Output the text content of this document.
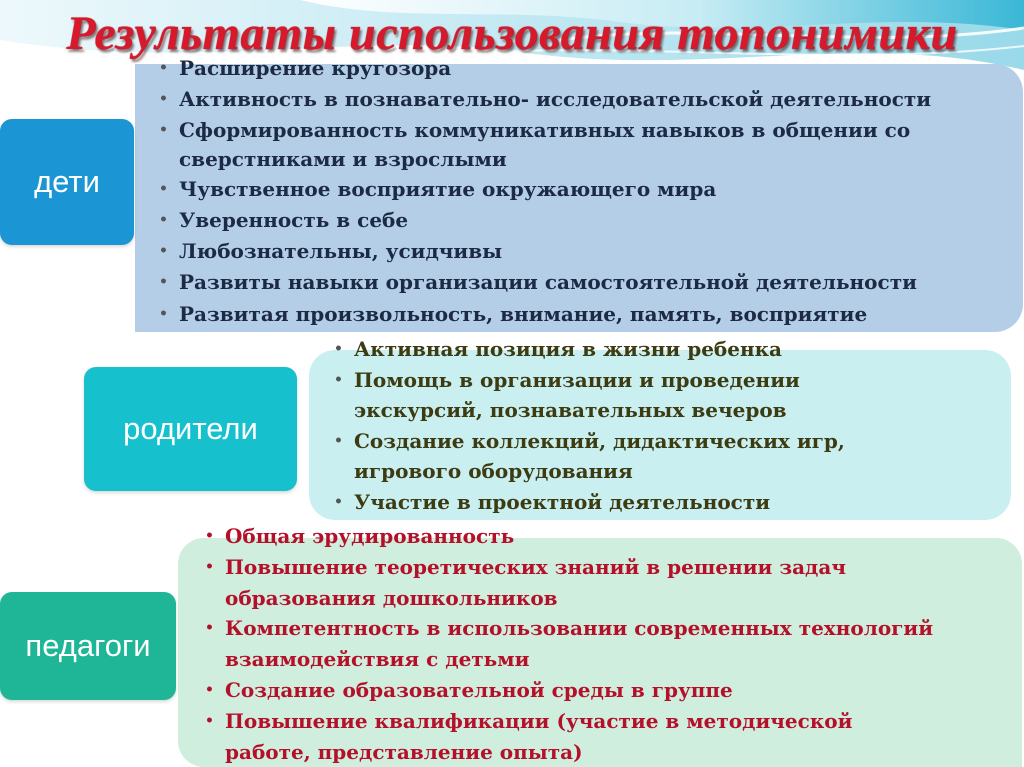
• Расширение кругозора
• Активность в познавательно- исследовательской деятельности
• Сформированность коммуникативных навыков в общении со сверстниками и взрослыми
• Чувственное восприятие окружающего мира
• Уверенность в себе
• Любознательны, усидчивы
• Развиты навыки организации самостоятельной деятельности
• Развитая произвольность, внимание, память, восприятие
• Активная позиция в жизни ребенка
• Помощь в организации и проведении экскурсий, познавательных вечеров
• Создание коллекций, дидактических игр, игрового оборудования
• Участие в проектной деятельности
• Общая эрудированность
• Повышение теоретических знаний в решении задач образования дошкольников
• Компетентность в использовании современных технологий взаимодействия с детьми
• Создание образовательной среды в группе
• Повышение квалификации (участие в методической работе, представление опыта)
дети
родители
педагоги
Результаты использования топонимики
